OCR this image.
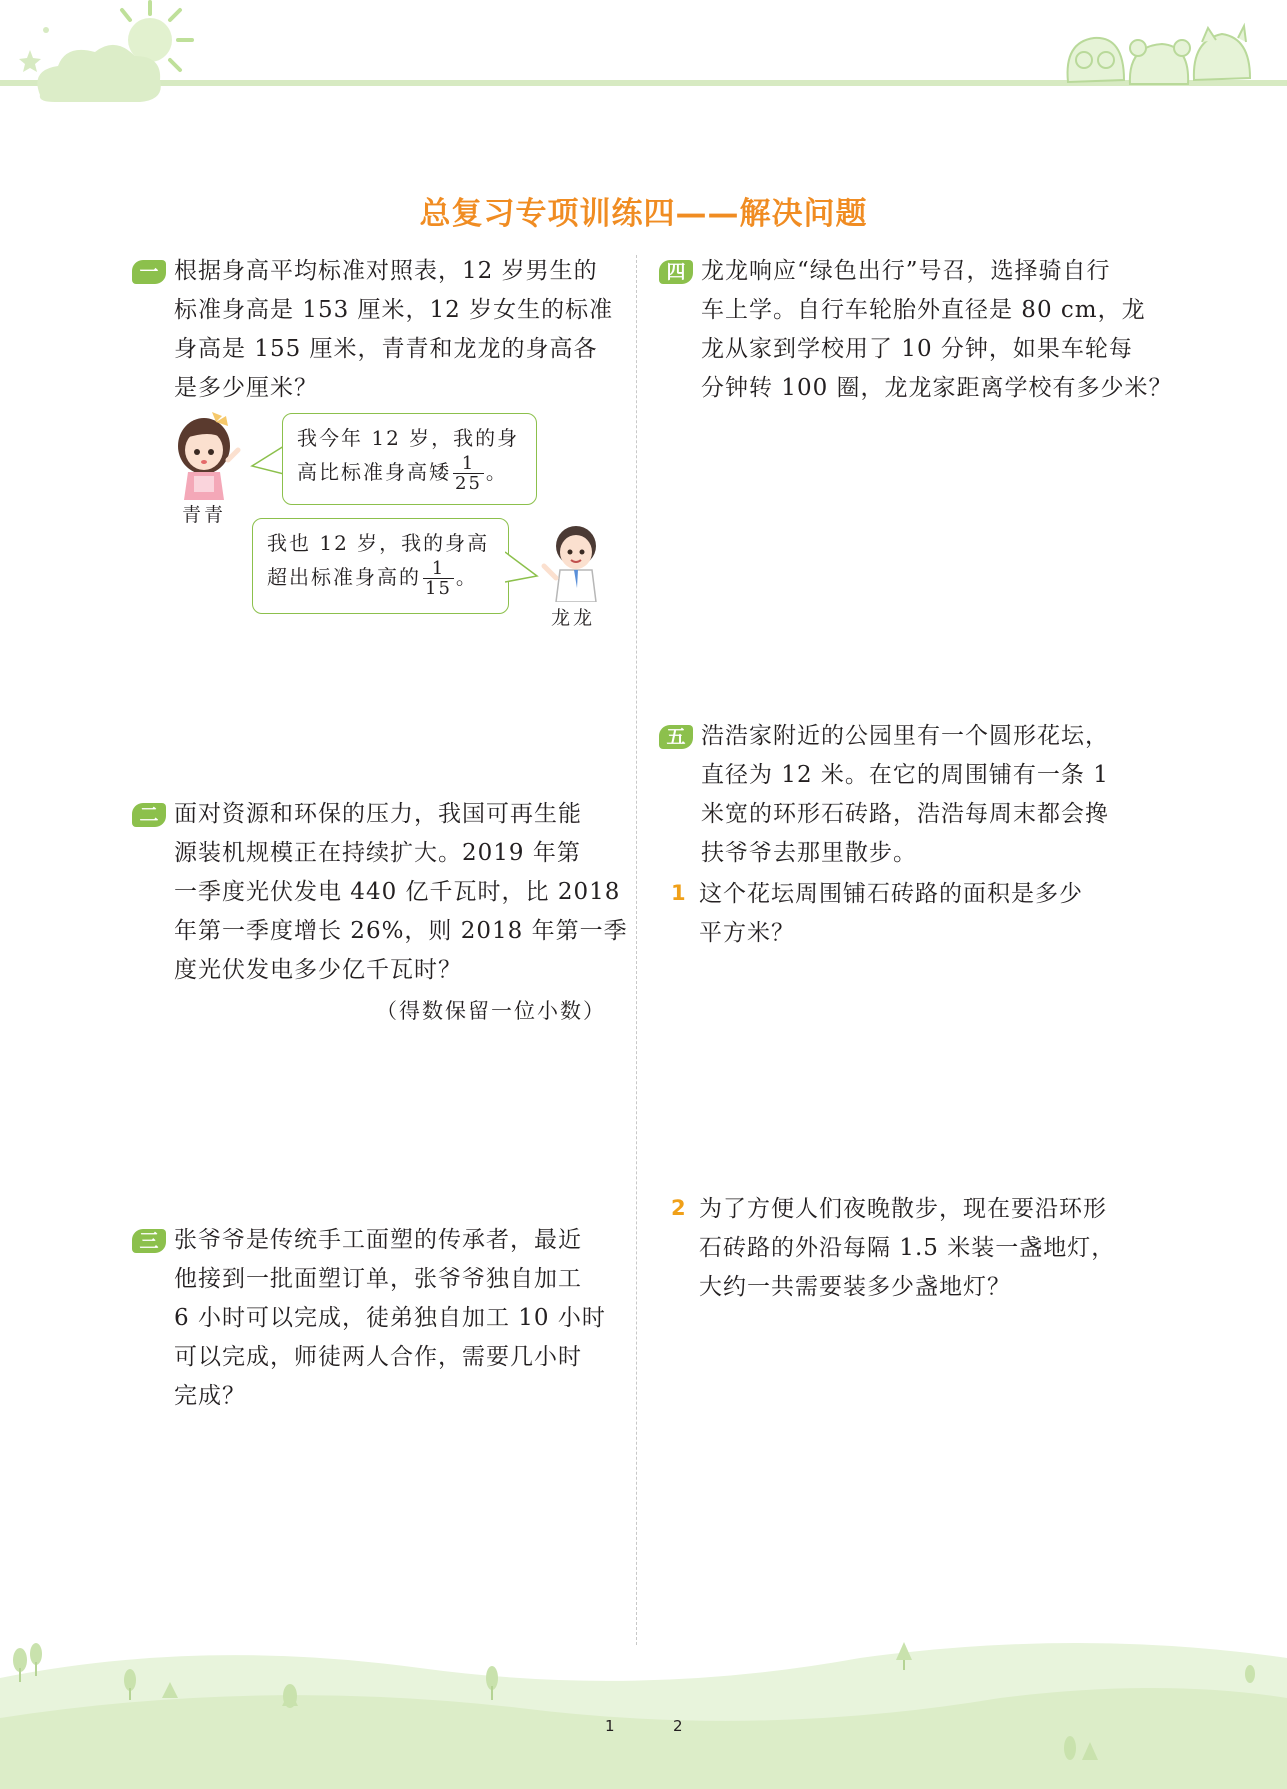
总复习专项训练四——解决问题
一 根据身高平均标准对照表，12 岁男生的

标准身高是 153 厘米，12 岁女生的标准

身高是 155 厘米，青青和龙龙的身高各

是多少厘米？

青青
我今年 12 岁，我的身
高比标准身高矮 $\frac{1}{25}$ 。
我也 12 岁，我的身高
超出标准身高的 $\frac{1}{15}$ 。
龙龙
二 面对资源和环保的压力，我国可再生能

源装机规模正在持续扩大。2019 年第

一季度光伏发电 440 亿千瓦时，比 2018

年第一季度增长 26%，则 2018 年第一季

度光伏发电多少亿千瓦时？

（得数保留一位小数）
三 张爷爷是传统手工面塑的传承者，最近

他接到一批面塑订单，张爷爷独自加工

6 小时可以完成，徒弟独自加工 10 小时

可以完成，师徒两人合作，需要几小时

完成？

四 龙龙响应“绿色出行”号召，选择骑自行

车上学。自行车轮胎外直径是 80 cm，龙

龙从家到学校用了 10 分钟，如果车轮每

分钟转 100 圈，龙龙家距离学校有多少米？

五 浩浩家附近的公园里有一个圆形花坛，

直径为 12 米。在它的周围铺有一条 1

米宽的环形石砖路，浩浩每周末都会搀

扶爷爷去那里散步。

1 这个花坛周围铺石砖路的面积是多少

平方米？

2 为了方便人们夜晚散步，现在要沿环形

石砖路的外沿每隔 1.5 米装一盏地灯，

大约一共需要装多少盏地灯？

1	2
